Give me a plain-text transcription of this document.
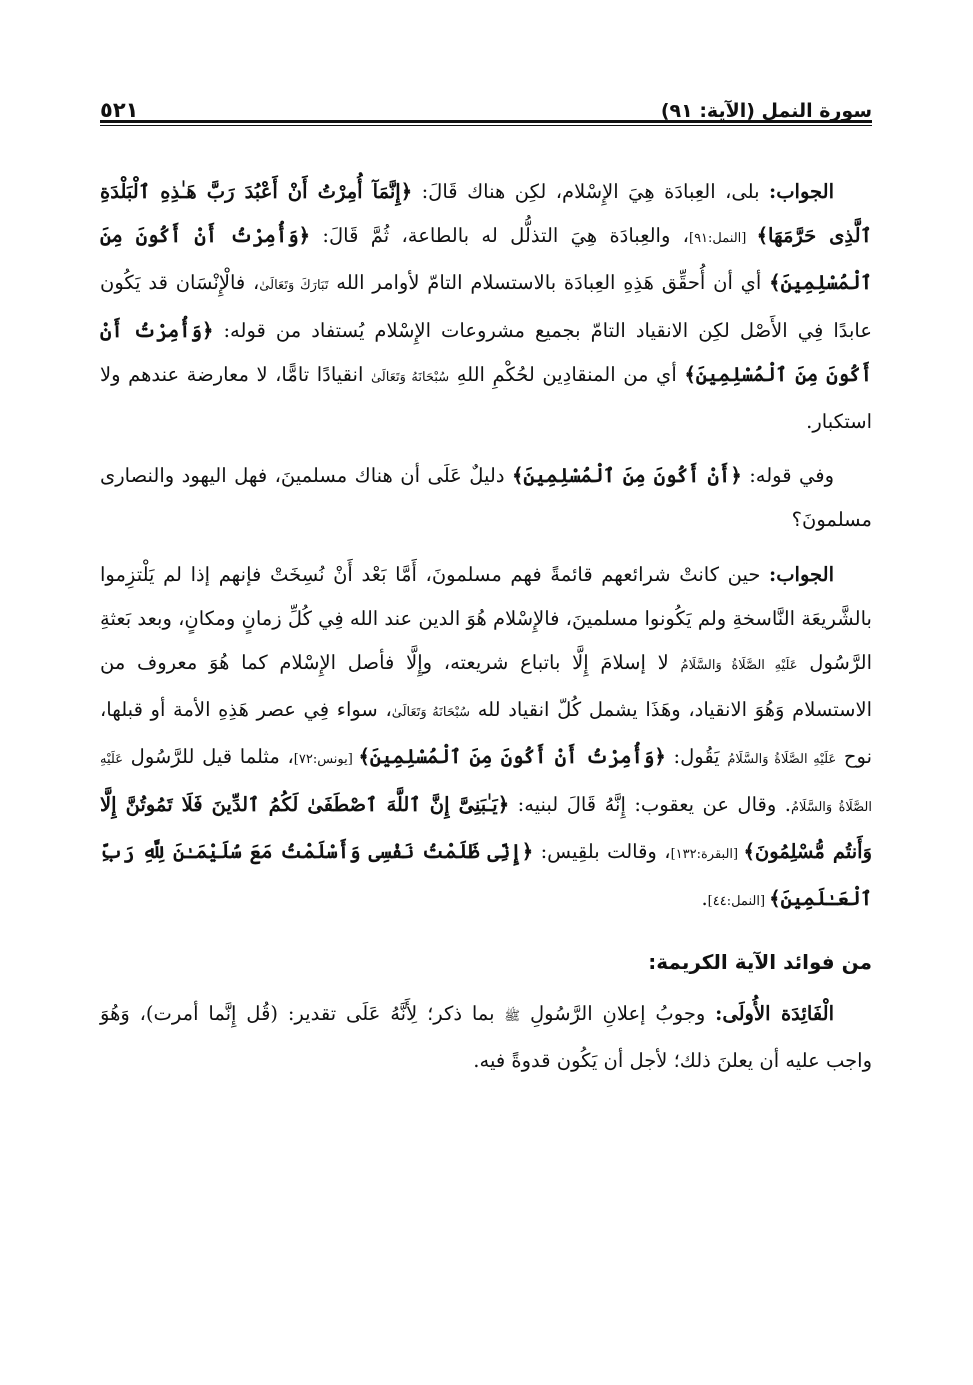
سورة النمل (الآية: ٩١)
٥٢١

الجواب: بلى، العِبادَة هِيَ الإِسْلام، لكِن هناك قَالَ: ﴿إِنَّمَآ أُمِرْتُ أَنْ أَعْبُدَ رَبَّ هَـٰذِهِ ٱلْبَلْدَةِ ٱلَّذِى حَرَّمَهَا﴾ [النمل:٩١]، والعِبادَة هِيَ التذلُّل له بالطاعة، ثُمَّ قَالَ: ﴿وَأُمِرْتُ أَنْ أَكُونَ مِنَ ٱلْمُسْلِمِينَ﴾ أي أن أُحقِّق هَذِهِ العِبادَة بالاستسلام التامّ لأوامر الله تَبَارَكَ وَتَعَالَىٰ، فالْإِنْسَان قد يَكُون عابدًا فِي الأَصْل لكِن الانقياد التامّ بجميع مشروعات الإِسْلام يُستفاد من قوله: ﴿وَأُمِرْتُ أَنْ أَكُونَ مِنَ ٱلْمُسْلِمِينَ﴾ أي من المنقادِين لحُكْمِ اللهِ سُبْحَانَهُ وَتَعَالَىٰ انقيادًا تامًّا، لا معارضة عندهم ولا استكبار.

وفي قوله: ﴿أَنْ أَكُونَ مِنَ ٱلْمُسْلِمِينَ﴾ دليلٌ عَلَى أن هناك مسلمينَ، فهل اليهود والنصارى مسلمونَ؟

الجواب: حين كانتْ شرائعهم قائمةً فهم مسلمونَ، أَمَّا بَعْد أَنْ نُسِخَتْ فإنهم إذا لم يَلْتزِموا بالشَّريعَة النَّاسخةِ ولم يَكُونوا مسلمينَ، فالإِسْلام هُوَ الدين عند الله فِي كُلِّ زمانٍ ومكانٍ، وبعد بَعثةِ الرَّسُول عَلَيْهِ الصَّلَاةُ وَالسَّلَامُ لا إسلامَ إِلَّا باتباع شريعته، وإِلَّا فأصل الإِسْلام كما هُوَ معروف من الاستسلام وَهُوَ الانقياد، وهَذَا يشمل كُلّ انقياد لله سُبْحَانَهُ وَتَعَالَىٰ، سواء فِي عصر هَذِهِ الأمة أو قبلها، نوح عَلَيْهِ الصَّلَاةُ وَالسَّلَامُ يَقُول: ﴿وَأُمِرْتُ أَنْ أَكُونَ مِنَ ٱلْمُسْلِمِينَ﴾ [يونس:٧٢]، مثلما قيل للرَّسُول عَلَيْهِ الصَّلَاةُ وَالسَّلَامُ. وقال عن يعقوب: إِنَّهُ قَالَ لبنيه: ﴿يَـٰبَنِىَّ إِنَّ ٱللَّهَ ٱصْطَفَىٰ لَكُمُ ٱلدِّينَ فَلَا تَمُوتُنَّ إِلَّا وَأَنتُم مُّسْلِمُونَ﴾ [البقرة:١٣٢]، وقالت بلقِيس: ﴿إِنِّى ظَلَمْتُ نَفْسِى وَأَسْلَمْتُ مَعَ سُلَيْمَـٰنَ لِلَّهِ رَبِّ ٱلْعَـٰلَمِينَ﴾ [النمل:٤٤].

من فوائد الآية الكريمة:

الْفَائِدَة الأُولَى: وجوبُ إعلانِ الرَّسُولِ ﷺ بما ذكر؛ لِأَنَّهُ عَلَى تقدير: (قُل إِنَّما أمرت)، وَهُوَ واجب عليه أن يعلنَ ذلك؛ لأجل أن يَكُون قدوةً فيه.
